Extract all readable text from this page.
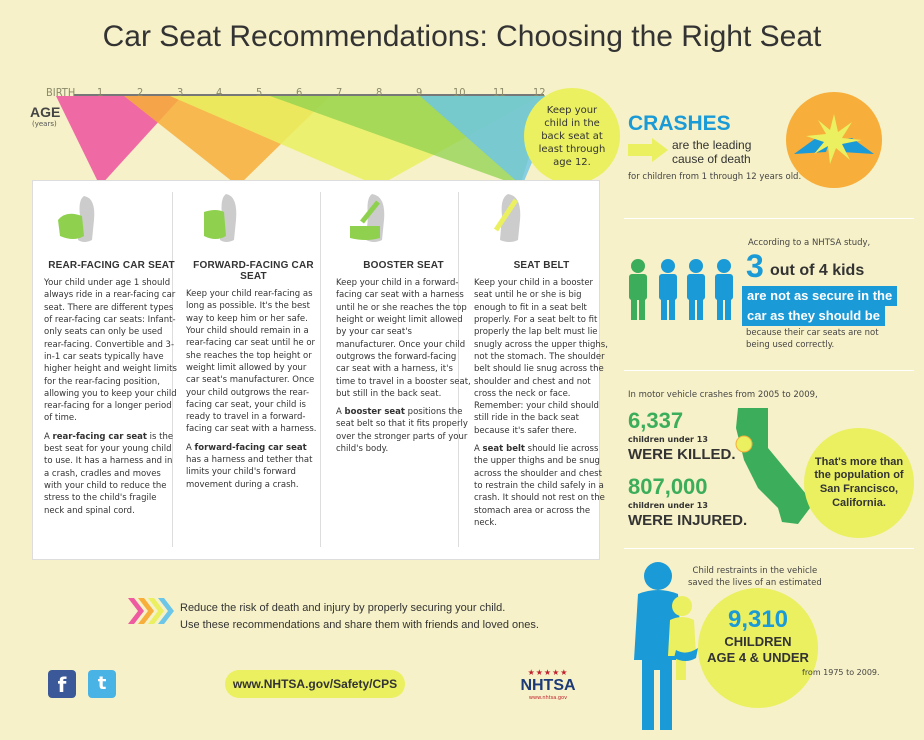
Car Seat Recommendations: Choosing the Right Seat
BIRTH 1	2	3	4	5	6	7	8	9	10 11 12
AGE
(years)
Keep your child in the back seat at least through age 12.
REAR-FACING CAR SEAT

Your child under age 1 should always ride in a rear-facing car seat. There are different types of rear-facing car seats: Infant-only seats can only be used rear-facing. Convertible and 3-in-1 car seats typically have higher height and weight limits for the rear-facing position, allowing you to keep your child rear-facing for a longer period of time.

A rear-facing car seat is the best seat for your young child to use. It has a harness and in a crash, cradles and moves with your child to reduce the stress to the child's fragile neck and spinal cord.

FORWARD-FACING CAR SEAT

Keep your child rear-facing as long as possible. It's the best way to keep him or her safe. Your child should remain in a rear-facing car seat until he or she reaches the top height or weight limit allowed by your car seat's manufacturer. Once your child outgrows the rear-facing car seat, your child is ready to travel in a forward-facing car seat with a harness.

A forward-facing car seat has a harness and tether that limits your child's forward movement during a crash.

BOOSTER SEAT

Keep your child in a forward-facing car seat with a harness until he or she reaches the top height or weight limit allowed by your car seat's manufacturer. Once your child outgrows the forward-facing car seat with a harness, it's time to travel in a booster seat, but still in the back seat.

A booster seat positions the seat belt so that it fits properly over the stronger parts of your child's body.

SEAT BELT

Keep your child in a booster seat until he or she is big enough to fit in a seat belt properly. For a seat belt to fit properly the lap belt must lie snugly across the upper thighs, not the stomach. The shoulder belt should lie snug across the shoulder and chest and not cross the neck or face. Remember: your child should still ride in the back seat because it's safer there.

A seat belt should lie across the upper thighs and be snug across the shoulder and chest to restrain the child safely in a crash. It should not rest on the stomach area or across the neck.

Reduce the risk of death and injury by properly securing your child.
Use these recommendations and share them with friends and loved ones.
f	t	www.NHTSA.gov/Safety/CPS
★★★★★
NHTSA
www.nhtsa.gov
CRASHES
are the leading
cause of death
for children from 1 through 12 years old.
According to a NHTSA study,
3 out of 4 kids
are not as secure in the
car as they should be
because their car seats are not
being used correctly.
In motor vehicle crashes from 2005 to 2009,
6,337
children under 13
WERE KILLED.
807,000
children under 13
WERE INJURED.
That's more than the population of San Francisco, California.
Child restraints in the vehicle
saved the lives of an estimated
9,310
CHILDREN
AGE 4 & UNDER
from 1975 to 2009.
